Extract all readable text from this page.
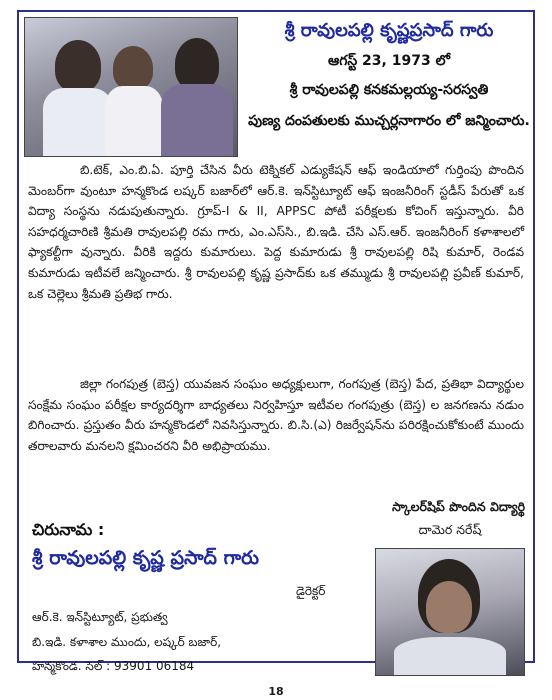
శ్రీ రావులపల్లి కృష్ణప్రసాద్ గారు
ఆగస్ట్ 23, 1973 లో
శ్రీ రావులపల్లి కనకమల్లయ్య-సరస్వతి
పుణ్య దంపతులకు ముచ్చర్లనాగారం లో జన్మించారు.
బి.టెక్, ఎం.బి.ఏ. పూర్తి చేసిన వీరు టెక్నికల్ ఎడ్యుకేషన్ ఆఫ్ ఇండియాలో గుర్తింపు పొందిన మెంబర్‌గా వుంటూ హన్మకొండ లష్కర్ బజార్‌లో ఆర్.కె. ఇన్‌స్టిట్యూట్ ఆఫ్ ఇంజనీరింగ్ స్టడీస్ పేరుతో ఒక విద్యా సంస్థను నడుపుతున్నారు. గ్రూప్-I & II, APPSC పోటీ పరీక్షలకు కోచింగ్ ఇస్తున్నారు. వీరి సహధర్మచారిణి శ్రీమతి రావులపల్లి రమ గారు, ఎం.ఎస్‌సి., బి.ఇడి. చేసి ఎస్.ఆర్. ఇంజనీరింగ్ కళాశాలలో ఫ్యాకల్టీగా వున్నారు. వీరికి ఇద్దరు కుమారులు. పెద్ద కుమారుడు శ్రీ రావులపల్లి రిషి కుమార్, రెండవ కుమారుడు ఇటీవలే జన్మించారు. శ్రీ రావులపల్లి కృష్ణ ప్రసాద్‌కు ఒక తమ్ముడు శ్రీ రావులపల్లి ప్రవీణ్ కుమార్, ఒక చెల్లెలు శ్రీమతి ప్రతిభ గారు.
జిల్లా గంగపుత్ర (బెస్త) యువజన సంఘం అధ్యక్షులుగా, గంగపుత్ర (బెస్త) పేద, ప్రతిభా విద్యార్థుల సంక్షేమ సంఘం పరీక్షల కార్యదర్శిగా బాధ్యతలు నిర్వహిస్తూ ఇటీవల గంగపుత్రు (బెస్త) ల జనగణను నడుం బిగించారు. ప్రస్తుతం వీరు హన్మకొండలో నివసిస్తున్నారు. బి.సి.(ఎ) రిజర్వేషన్‌ను పరిరక్షించుకోకుంటే ముందు తరాలవారు మనలని క్షమించరని వీరి అభిప్రాయము.
స్కాలర్‌షిప్ పొందిన విద్యార్థి
దామెర నరేష్
చిరునామ :
శ్రీ రావులపల్లి కృష్ణ ప్రసాద్ గారు
డైరెక్టర్
ఆర్.కె. ఇన్‌స్టిట్యూట్, ప్రభుత్వ
బి.ఇడి. కళాశాల ముందు, లష్కర్ బజార్,
హన్మకొండ. సెల్ : 93901 06184
18
